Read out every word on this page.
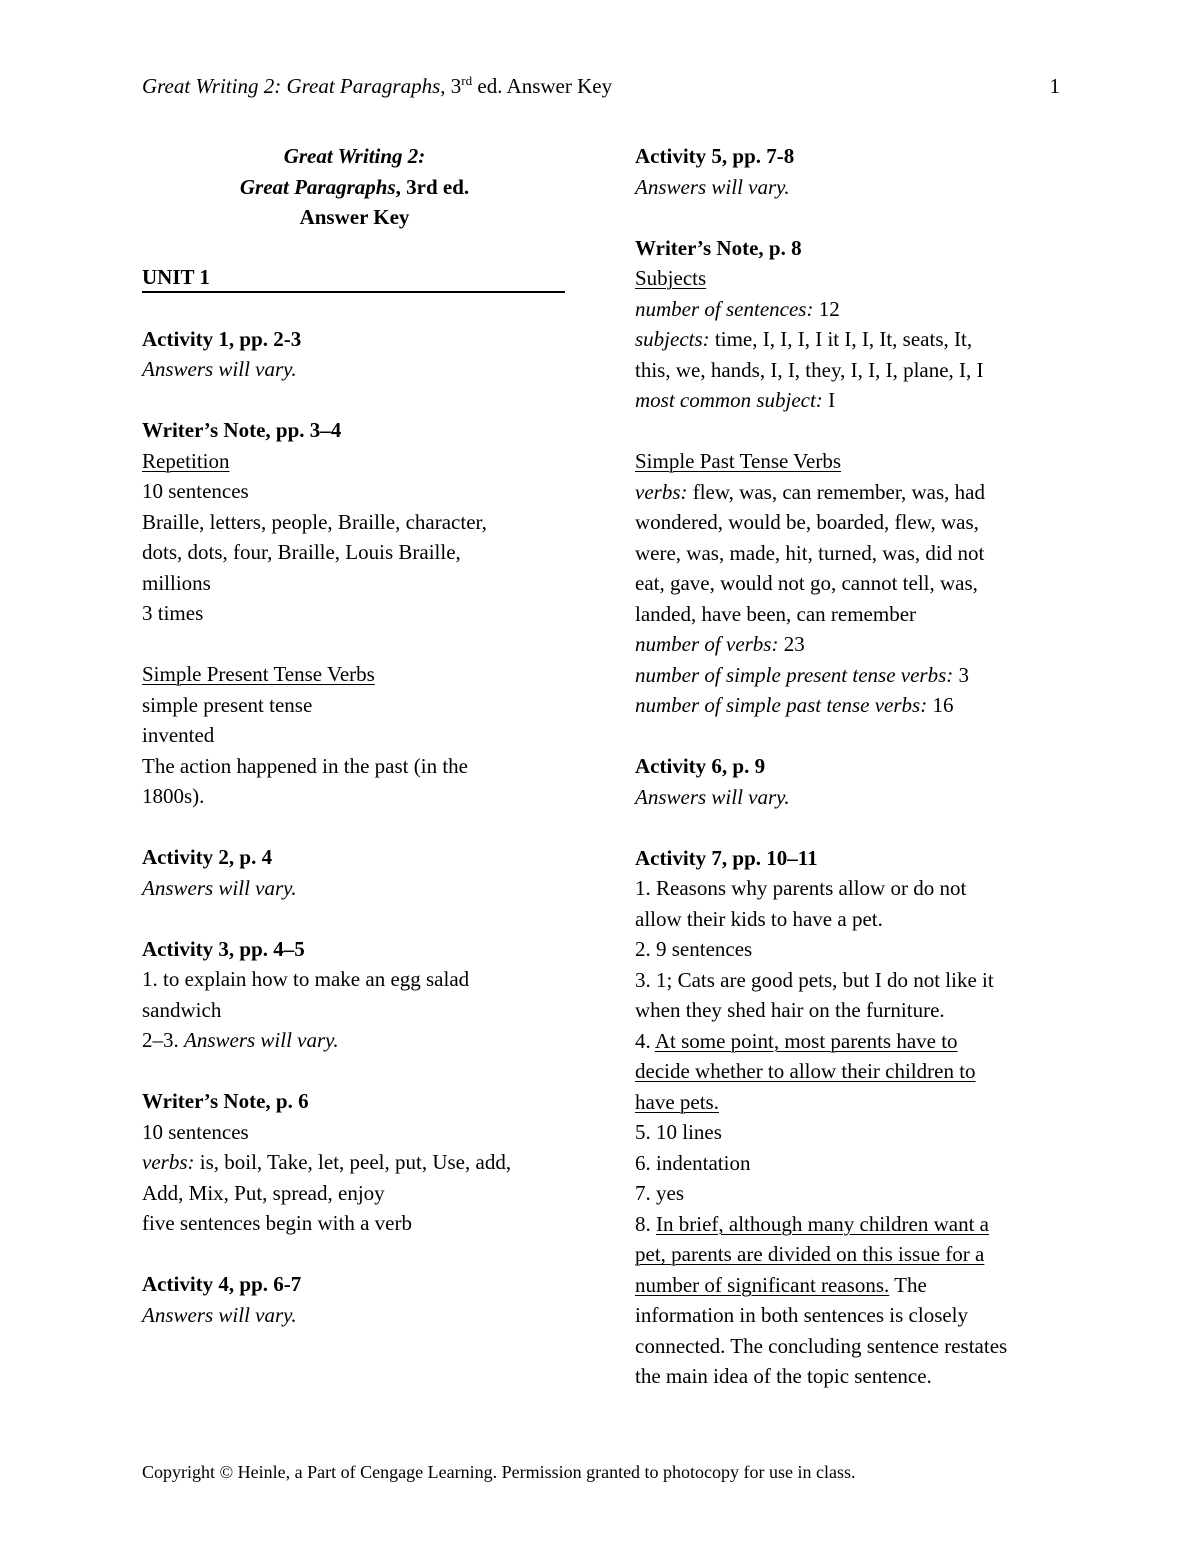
Great Writing 2: Great Paragraphs, 3rd ed. Answer Key	1
Great Writing 2:
Great Paragraphs, 3rd ed.
Answer Key
UNIT 1
Activity 1, pp. 2-3
Answers will vary.
Writer’s Note, pp. 3–4
Repetition
10 sentences
Braille, letters, people, Braille, character,
dots, dots, four, Braille, Louis Braille,
millions
3 times
Simple Present Tense Verbs
simple present tense
invented
The action happened in the past (in the
1800s).
Activity 2, p. 4
Answers will vary.
Activity 3, pp. 4–5
1. to explain how to make an egg salad
sandwich
2–3. Answers will vary.
Writer’s Note, p. 6
10 sentences
verbs: is, boil, Take, let, peel, put, Use, add,
Add, Mix, Put, spread, enjoy
five sentences begin with a verb
Activity 4, pp. 6-7
Answers will vary.
Activity 5, pp. 7-8
Answers will vary.
Writer’s Note, p. 8
Subjects
number of sentences: 12
subjects: time, I, I, I, I it I, I, It, seats, It,
this, we, hands, I, I, they, I, I, I, plane, I, I
most common subject: I
Simple Past Tense Verbs
verbs: flew, was, can remember, was, had
wondered, would be, boarded, flew, was,
were, was, made, hit, turned, was, did not
eat, gave, would not go, cannot tell, was,
landed, have been, can remember
number of verbs: 23
number of simple present tense verbs: 3
number of simple past tense verbs: 16
Activity 6, p. 9
Answers will vary.
Activity 7, pp. 10–11
1. Reasons why parents allow or do not
allow their kids to have a pet.
2. 9 sentences
3. 1; Cats are good pets, but I do not like it
when they shed hair on the furniture.
4. At some point, most parents have to
decide whether to allow their children to
have pets.
5. 10 lines
6. indentation
7. yes
8. In brief, although many children want a
pet, parents are divided on this issue for a
number of significant reasons. The
information in both sentences is closely
connected. The concluding sentence restates
the main idea of the topic sentence.
Copyright © Heinle, a Part of Cengage Learning. Permission granted to photocopy for use in class.
